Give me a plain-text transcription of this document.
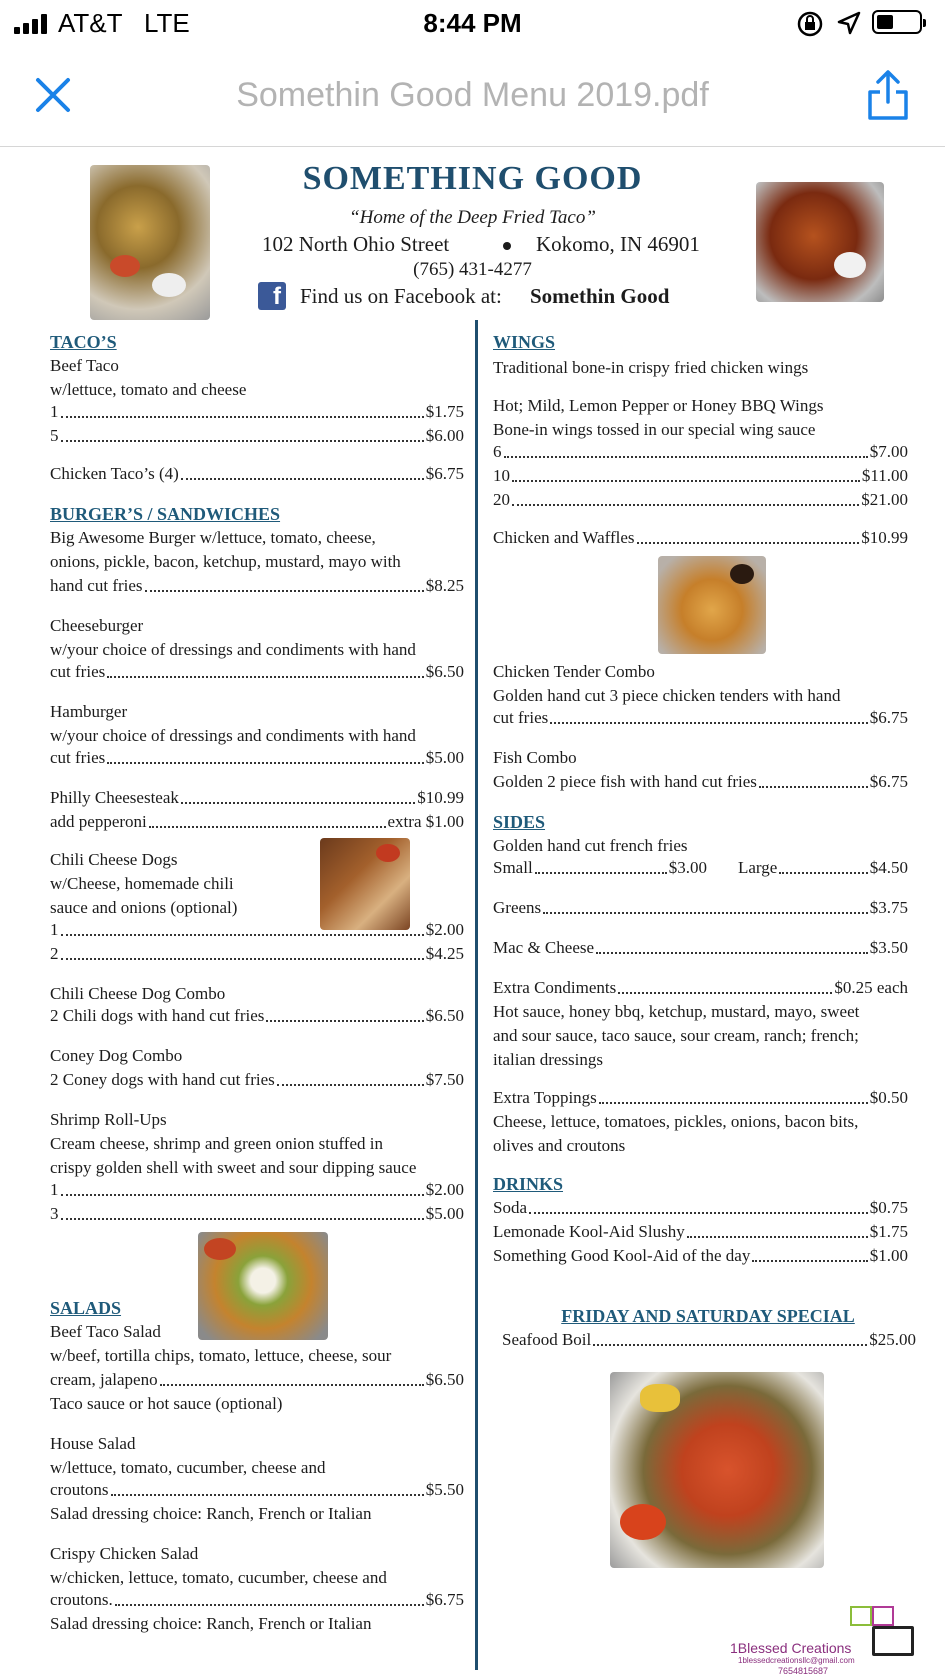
AT&T LTE	8:44 PM
Somethin Good Menu 2019.pdf
SOMETHING GOOD
“Home of the Deep Fried Taco”
102 North Ohio Street	Kokomo, IN 46901
(765) 431-4277
f Find us on Facebook at: Somethin Good
TACO’S
Beef Taco
w/lettuce, tomato and cheese
1	$1.75
5	$6.00
Chicken Taco’s (4)	$6.75
BURGER’S / SANDWICHES
Big Awesome Burger w/lettuce, tomato, cheese,
onions, pickle, bacon, ketchup, mustard, mayo with
hand cut fries	$8.25
Cheeseburger
w/your choice of dressings and condiments with hand
cut fries	$6.50
Hamburger
w/your choice of dressings and condiments with hand
cut fries	$5.00
Philly Cheesesteak	$10.99
add pepperoni	extra $1.00
Chili Cheese Dogs
w/Cheese, homemade chili
sauce and onions (optional)
1	$2.00
2	$4.25
Chili Cheese Dog Combo
2 Chili dogs with hand cut fries	$6.50
Coney Dog Combo
2 Coney dogs with hand cut fries	$7.50
Shrimp Roll-Ups
Cream cheese, shrimp and green onion stuffed in
crispy golden shell with sweet and sour dipping sauce
1	$2.00
3	$5.00
SALADS
Beef Taco Salad
w/beef, tortilla chips, tomato, lettuce, cheese, sour
cream, jalapeno	$6.50
Taco sauce or hot sauce (optional)
House Salad
w/lettuce, tomato, cucumber, cheese and
croutons	$5.50
Salad dressing choice: Ranch, French or Italian
Crispy Chicken Salad
w/chicken, lettuce, tomato, cucumber, cheese and
croutons.	$6.75
Salad dressing choice: Ranch, French or Italian
WINGS
Traditional bone-in crispy fried chicken wings
Hot; Mild, Lemon Pepper or Honey BBQ Wings
Bone-in wings tossed in our special wing sauce
6	$7.00
10	$11.00
20	$21.00
Chicken and Waffles	$10.99
Chicken Tender Combo
Golden hand cut 3 piece chicken tenders with hand
cut fries	$6.75
Fish Combo
Golden 2 piece fish with hand cut fries	$6.75
SIDES
Golden hand cut french fries
Small	$3.00 Large	$4.50
Greens	$3.75
Mac & Cheese	$3.50
Extra Condiments	$0.25 each
Hot sauce, honey bbq, ketchup, mustard, mayo, sweet
and sour sauce, taco sauce, sour cream, ranch; french;
italian dressings
Extra Toppings	$0.50
Cheese, lettuce, tomatoes, pickles, onions, bacon bits,
olives and croutons
DRINKS
Soda	$0.75
Lemonade Kool-Aid Slushy	$1.75
Something Good Kool-Aid of the day	$1.00
FRIDAY AND SATURDAY SPECIAL
Seafood Boil	$25.00
1Blessed Creations
1blessedcreationsllc@gmail.com
7654815687
